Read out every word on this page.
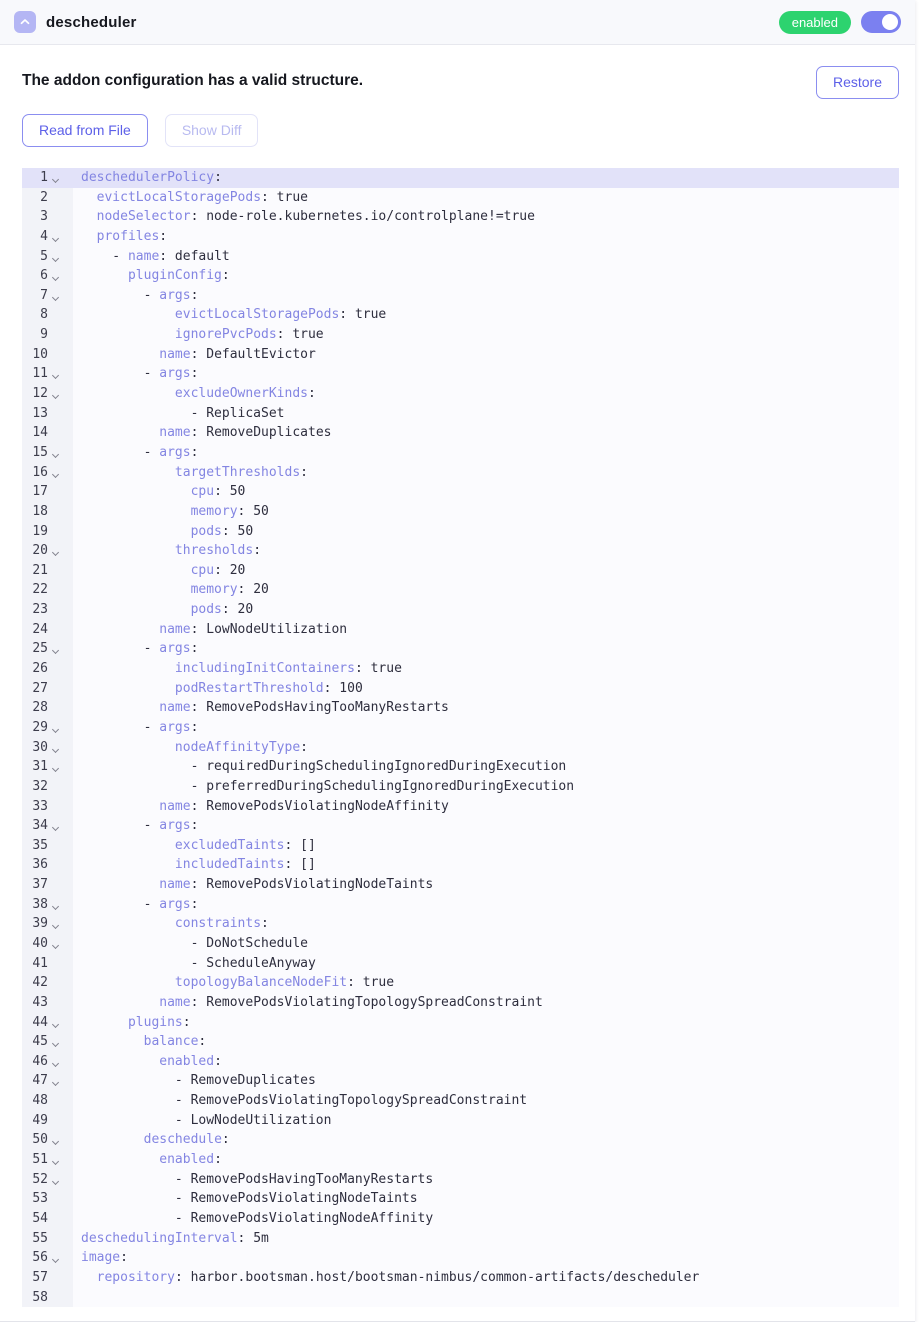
descheduler	enabled
The addon configuration has a valid structure.	Restore
Read from File	Show Diff
1	deschedulerPolicy:
2	evictLocalStoragePods: true
3	nodeSelector: node-role.kubernetes.io/controlplane!=true
4	profiles:
5	- name: default
6	pluginConfig:
7	- args:
8	evictLocalStoragePods: true
9	ignorePvcPods: true
10	name: DefaultEvictor
11	- args:
12	excludeOwnerKinds:
13	- ReplicaSet
14	name: RemoveDuplicates
15	- args:
16	targetThresholds:
17	cpu: 50
18	memory: 50
19	pods: 50
20	thresholds:
21	cpu: 20
22	memory: 20
23	pods: 20
24	name: LowNodeUtilization
25	- args:
26	includingInitContainers: true
27	podRestartThreshold: 100
28	name: RemovePodsHavingTooManyRestarts
29	- args:
30	nodeAffinityType:
31	- requiredDuringSchedulingIgnoredDuringExecution
32	- preferredDuringSchedulingIgnoredDuringExecution
33	name: RemovePodsViolatingNodeAffinity
34	- args:
35	excludedTaints: []
36	includedTaints: []
37	name: RemovePodsViolatingNodeTaints
38	- args:
39	constraints:
40	- DoNotSchedule
41	- ScheduleAnyway
42	topologyBalanceNodeFit: true
43	name: RemovePodsViolatingTopologySpreadConstraint
44	plugins:
45	balance:
46	enabled:
47	- RemoveDuplicates
48	- RemovePodsViolatingTopologySpreadConstraint
49	- LowNodeUtilization
50	deschedule:
51	enabled:
52	- RemovePodsHavingTooManyRestarts
53	- RemovePodsViolatingNodeTaints
54	- RemovePodsViolatingNodeAffinity
55	deschedulingInterval: 5m
56	image:
57	repository: harbor.bootsman.host/bootsman-nimbus/common-artifacts/descheduler
58
